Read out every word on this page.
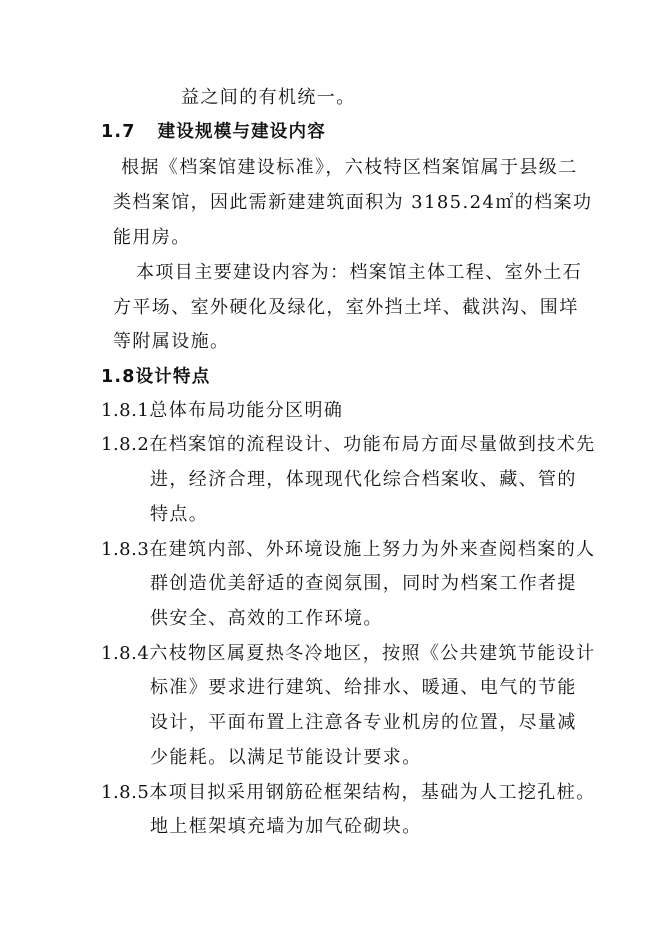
益之间的有机统一。
1.7 建设规模与建设内容
根据《档案馆建设标准》，六枝特区档案馆属于县级二
类档案馆，因此需新建建筑面积为 3185.24㎡的档案功
能用房。
本项目主要建设内容为：档案馆主体工程、室外土石
方平场、室外硬化及绿化，室外挡土垟、截洪沟、围垟
等附属设施。
1.8设计特点
1.8.1总体布局功能分区明确
1.8.2在档案馆的流程设计、功能布局方面尽量做到技术先
进，经济合理，体现现代化综合档案收、藏、管的
特点。
1.8.3在建筑内部、外环境设施上努力为外来查阅档案的人
群创造优美舒适的查阅氛围，同时为档案工作者提
供安全、高效的工作环境。
1.8.4六枝物区属夏热冬冷地区，按照《公共建筑节能设计
标准》要求进行建筑、给排水、暖通、电气的节能
设计，平面布置上注意各专业机房的位置，尽量减
少能耗。以满足节能设计要求。
1.8.5本项目拟采用钢筋砼框架结构，基础为人工挖孔桩。
地上框架填充墙为加气砼砌块。
